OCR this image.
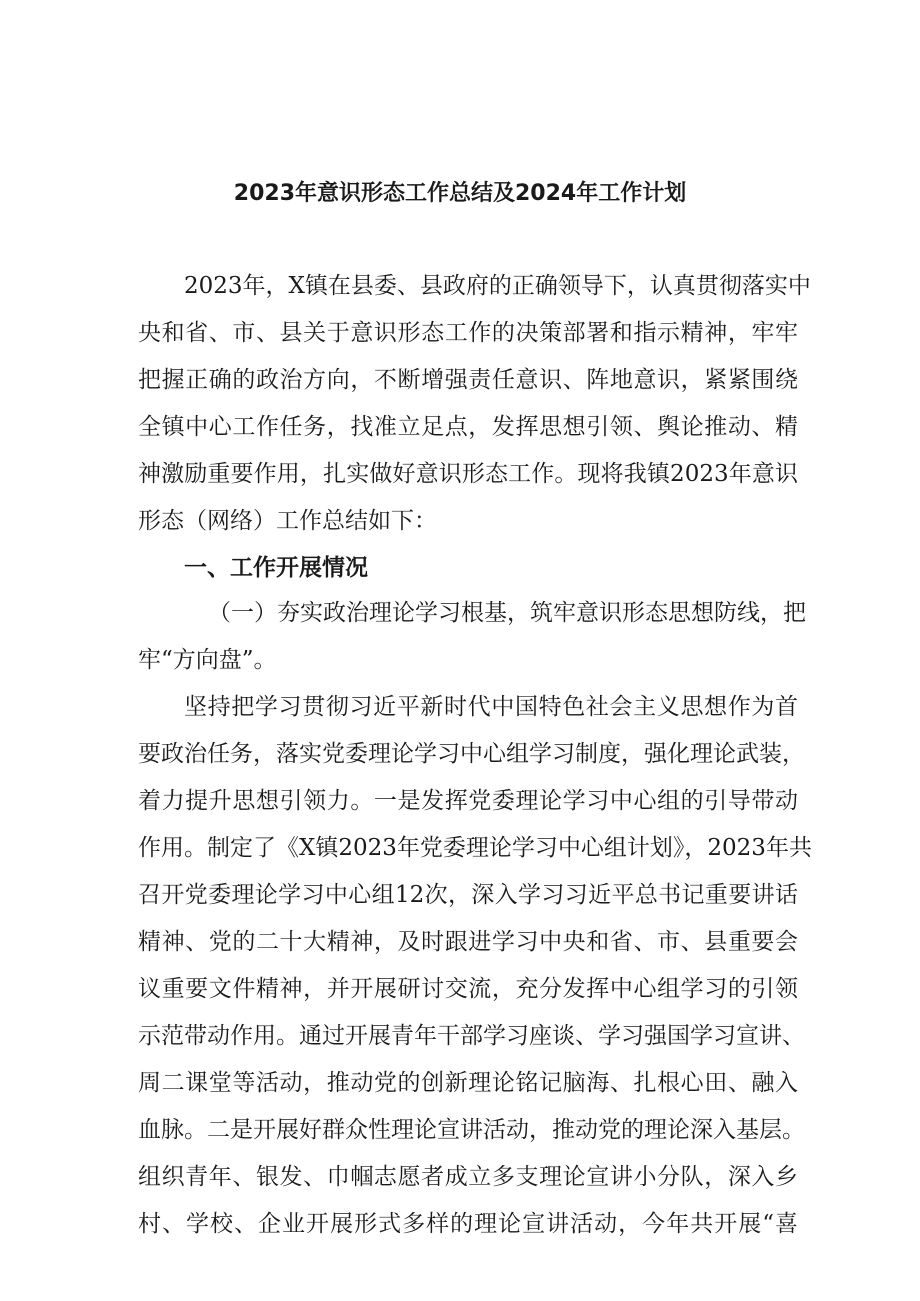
2023年意识形态工作总结及2024年工作计划

2023年，X镇在县委、县政府的正确领导下，认真贯彻落实中

央和省、市、县关于意识形态工作的决策部署和指示精神，牢牢

把握正确的政治方向，不断增强责任意识、阵地意识，紧紧围绕

全镇中心工作任务，找准立足点，发挥思想引领、舆论推动、精

神激励重要作用，扎实做好意识形态工作。现将我镇2023年意识

形态（网络）工作总结如下：

一、工作开展情况

（一）夯实政治理论学习根基，筑牢意识形态思想防线，把

牢“方向盘”。

坚持把学习贯彻习近平新时代中国特色社会主义思想作为首

要政治任务，落实党委理论学习中心组学习制度，强化理论武装，

着力提升思想引领力。一是发挥党委理论学习中心组的引导带动

作用。制定了《X镇2023年党委理论学习中心组计划》，2023年共

召开党委理论学习中心组12次，深入学习习近平总书记重要讲话

精神、党的二十大精神，及时跟进学习中央和省、市、县重要会

议重要文件精神，并开展研讨交流，充分发挥中心组学习的引领

示范带动作用。通过开展青年干部学习座谈、学习强国学习宣讲、

周二课堂等活动，推动党的创新理论铭记脑海、扎根心田、融入

血脉。二是开展好群众性理论宣讲活动，推动党的理论深入基层。

组织青年、银发、巾帼志愿者成立多支理论宣讲小分队，深入乡

村、学校、企业开展形式多样的理论宣讲活动，今年共开展“喜
